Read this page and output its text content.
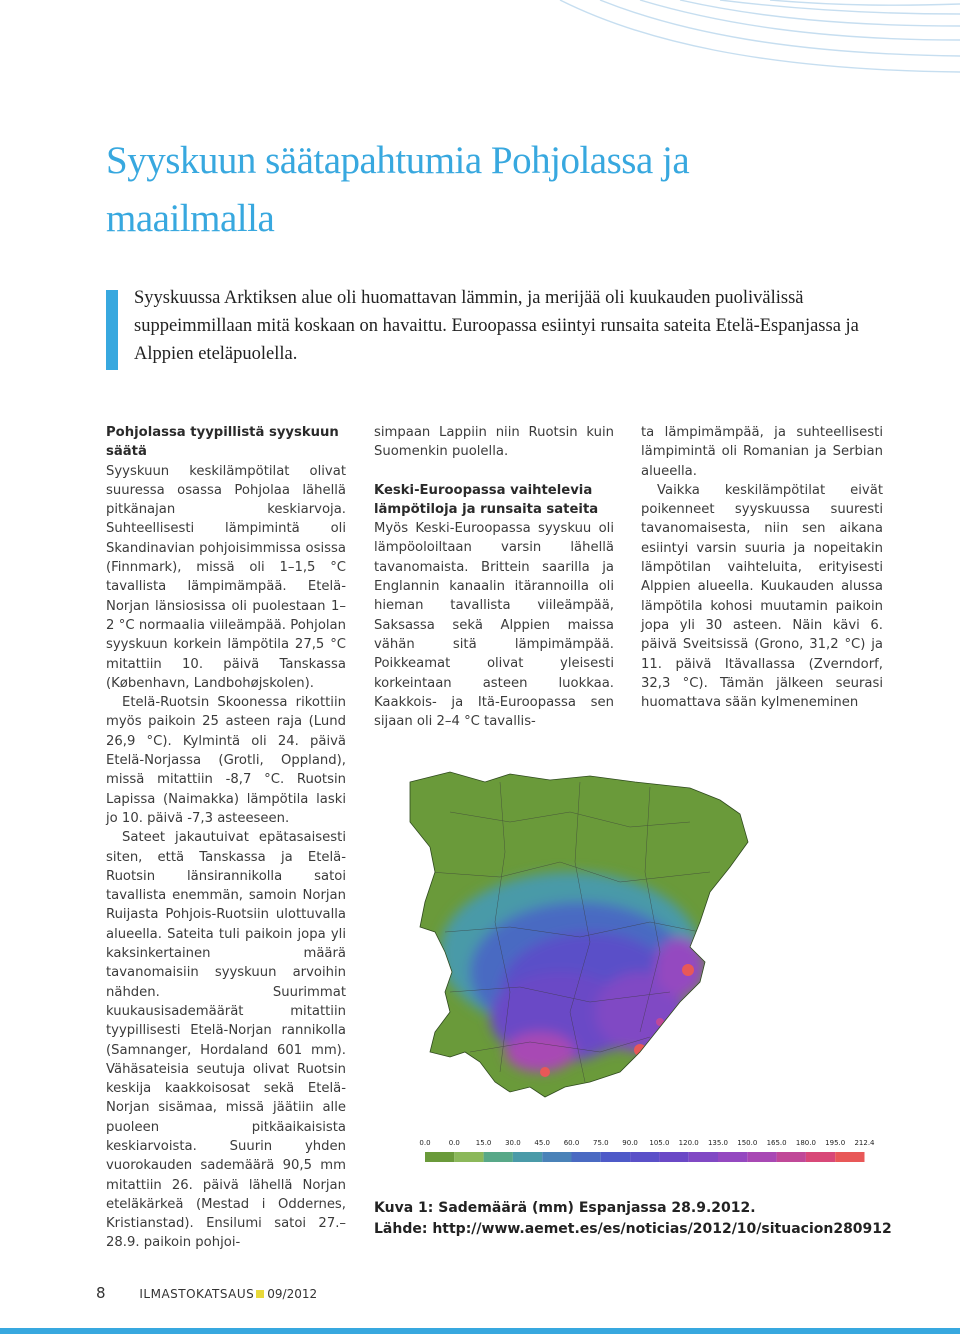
Syyskuun säätapahtumia Pohjolassa ja maailmalla

Syyskuussa Arktiksen alue oli huomattavan lämmin, ja merijää oli kuukauden puolivälissä suppeimmillaan mitä koskaan on havaittu. Euroopassa esiintyi runsaita sateita Etelä-Espanjassa ja Alppien eteläpuolella.

Pohjolassa tyypillistä syyskuun säätä

Syyskuun keskilämpötilat olivat suuressa osassa Pohjolaa lähellä pitkänajan keskiarvoja. Suhteellisesti lämpimintä oli Skandinavian pohjoisimmissa osissa (Finnmark), missä oli 1–1,5 °C tavallista lämpimämpää. Etelä-Norjan länsiosissa oli puolestaan 1–2 °C normaalia viileämpää. Pohjolan syyskuun korkein lämpötila 27,5 °C mitattiin 10. päivä Tanskassa (København, Landbohøjskolen).

Etelä-Ruotsin Skoonessa rikottiin myös paikoin 25 asteen raja (Lund 26,9 °C). Kylmintä oli 24. päivä Etelä-Norjassa (Grotli, Oppland), missä mitattiin -8,7 °C. Ruotsin Lapissa (Naimakka) lämpötila laski jo 10. päivä -7,3 asteeseen.

Sateet jakautuivat epätasaisesti siten, että Tanskassa ja Etelä-Ruotsin länsirannikolla satoi tavallista enemmän, samoin Norjan Ruijasta Pohjois-Ruotsiin ulottuvalla alueella. Sateita tuli paikoin jopa yli kaksinkertainen määrä tavanomaisiin syyskuun arvoihin nähden. Suurimmat kuukausisademäärät mitattiin tyypillisesti Etelä-Norjan rannikolla (Samnanger, Hordaland 601 mm). Vähäsateisia seutuja olivat Ruotsin keskija kaakkoisosat sekä Etelä-Norjan sisämaa, missä jäätiin alle puoleen pitkäaikaisista keskiarvoista. Suurin yhden vuorokauden sademäärä 90,5 mm mitattiin 26. päivä lähellä Norjan eteläkärkeä (Mestad i Oddernes, Kristianstad). Ensilumi satoi 27.–28.9. paikoin pohjoi-

simpaan Lappiin niin Ruotsin kuin Suomenkin puolella.

Keski-Euroopassa vaihtelevia lämpötiloja ja runsaita sateita

Myös Keski-Euroopassa syyskuu oli lämpöoloiltaan varsin lähellä tavanomaista. Brittein saarilla ja Englannin kanaalin itärannoilla oli hieman tavallista viileämpää, Saksassa sekä Alppien maissa vähän sitä lämpimämpää. Poikkeamat olivat yleisesti korkeintaan asteen luokkaa. Kaakkois- ja Itä-Euroopassa sen sijaan oli 2–4 °C tavallis-

ta lämpimämpää, ja suhteellisesti lämpimintä oli Romanian ja Serbian alueella.

Vaikka keskilämpötilat eivät poikenneet syyskuussa suuresti tavanomaisesta, niin sen aikana esiintyi varsin suuria ja nopeitakin lämpötilan vaihteluita, erityisesti Alppien alueella. Kuukauden alussa lämpötila kohosi muutamin paikoin jopa yli 30 asteen. Näin kävi 6. päivä Sveitsissä (Grono, 31,2 °C) ja 11. päivä Itävallassa (Zverndorf, 32,3 °C). Tämän jälkeen seurasi huomattava sään kylmeneminen

0.0	0.0 15.0 30.0 45.0 60.0 75.0 90.0 105.0 120.0 135.0 150.0 165.0 180.0 195.0 212.4
Kuva 1: Sademäärä (mm) Espanjassa 28.9.2012.
Lähde: http://www.aemet.es/es/noticias/2012/10/situacion280912
8	ILMASTOKATSAUS 09/2012
